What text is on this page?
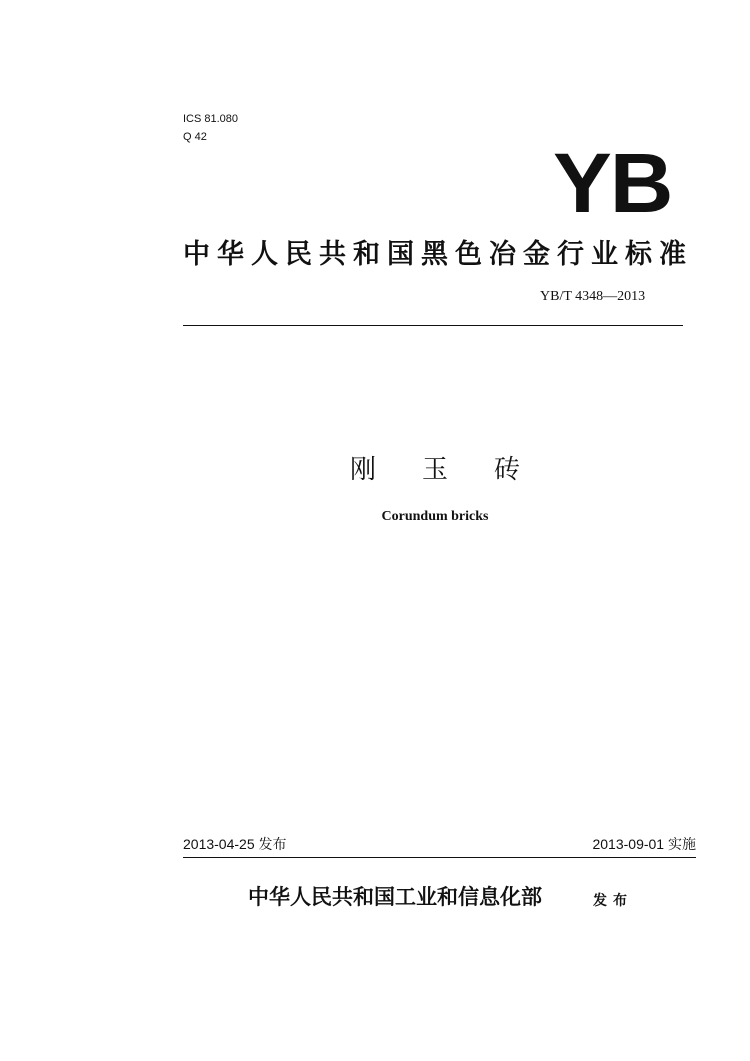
ICS 81.080
Q 42	YB
中华人民共和国黑色冶金行业标准
YB/T 4348—2013
刚玉砖
Corundum bricks
2013-04-25 发布	2013-09-01 实施
中华人民共和国工业和信息化部	发布
